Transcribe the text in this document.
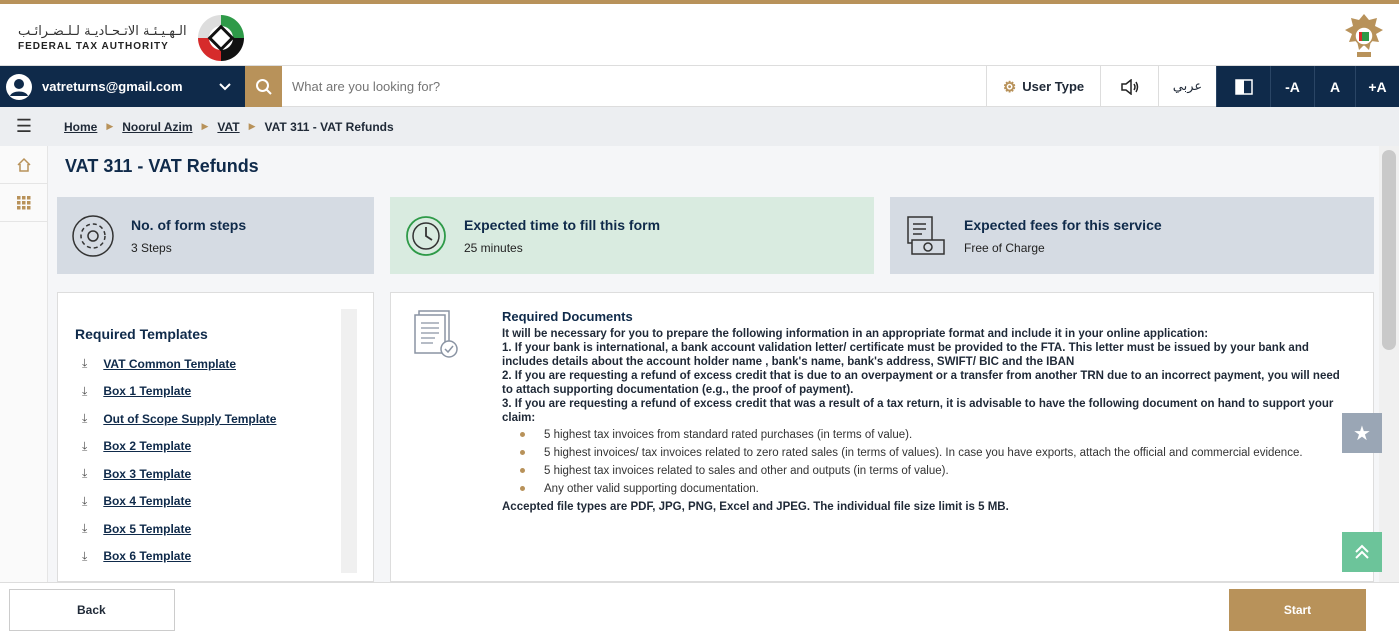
الـهـيـئـة الاتـحـاديـة لـلـضـرائـب
FEDERAL TAX AUTHORITY
vatreturns@gmail.com
What are you looking for?	⚙ User Type	عربي	-A	A	+A
☰	Home ▶ Noorul Azim ▶ VAT ▶ VAT 311 - VAT Refunds
VAT 311 - VAT Refunds
No. of form steps
3 Steps
Expected time to fill this form
25 minutes
Expected fees for this service
Free of Charge
Required Templates
⤓ VAT Common Template
⤓ Box 1 Template
⤓ Out of Scope Supply Template
⤓ Box 2 Template
⤓ Box 3 Template
⤓ Box 4 Template
⤓ Box 5 Template
⤓ Box 6 Template
Required Documents
It will be necessary for you to prepare the following information in an appropriate format and include it in your online application:
1. If your bank is international, a bank account validation letter/ certificate must be provided to the FTA. This letter must be issued by your bank and includes details about the account holder name , bank's name, bank's address, SWIFT/ BIC and the IBAN
2. If you are requesting a refund of excess credit that is due to an overpayment or a transfer from another TRN due to an incorrect payment, you will need to attach supporting documentation (e.g., the proof of payment).
3. If you are requesting a refund of excess credit that was a result of a tax return, it is advisable to have the following document on hand to support your claim:
5 highest tax invoices from standard rated purchases (in terms of value).
5 highest invoices/ tax invoices related to zero rated sales (in terms of values). In case you have exports, attach the official and commercial evidence.
5 highest tax invoices related to sales and other and outputs (in terms of value).
Any other valid supporting documentation.
Accepted file types are PDF, JPG, PNG, Excel and JPEG. The individual file size limit is 5 MB.
★
Back	Start
